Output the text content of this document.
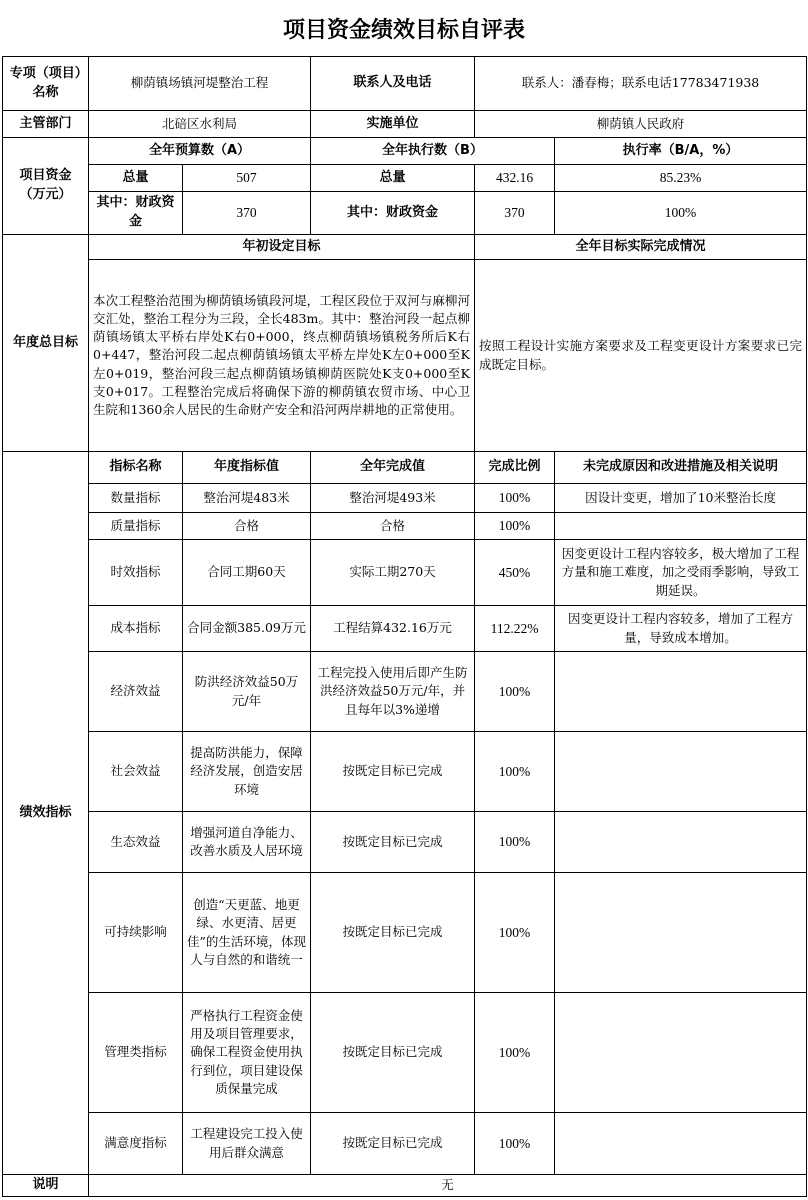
项目资金绩效目标自评表
专项（项目）名称	柳荫镇场镇河堤整治工程		联系人及电话	联系人：潘春梅；联系电话17783471938	
主管部门	北碚区水利局		实施单位	柳荫镇人民政府	
项目资金（万元）	全年预算数（A）		全年执行数（B）		执行率（B/A，%）
	总量	507	总量	432.16	85.23%
	其中：财政资金	370	其中：财政资金	370	100%
年度总目标	年初设定目标			全年目标实际完成情况	
	本次工程整治范围为柳荫镇场镇段河堤，工程区段位于双河与麻柳河交汇处，整治工程分为三段，全长483m。其中：整治河段一起点柳荫镇场镇太平桥右岸处K右0+000，终点柳荫镇场镇税务所后K右0+447，整治河段二起点柳荫镇场镇太平桥左岸处K左0+000至K左0+019，整治河段三起点柳荫镇场镇柳荫医院处K支0+000至K支0+017。工程整治完成后将确保下游的柳荫镇农贸市场、中心卫生院和1360余人居民的生命财产安全和沿河两岸耕地的正常使用。			按照工程设计实施方案要求及工程变更设计方案要求已完成既定目标。	
绩效指标	指标名称	年度指标值	全年完成值	完成比例	未完成原因和改进措施及相关说明
	数量指标	整治河堤483米	整治河堤493米	100%	因设计变更，增加了10米整治长度
	质量指标	合格	合格	100%	
	时效指标	合同工期60天	实际工期270天	450%	因变更设计工程内容较多，极大增加了工程方量和施工难度，加之受雨季影响，导致工期延误。
	成本指标	合同金额385.09万元	工程结算432.16万元	112.22%	因变更设计工程内容较多，增加了工程方量，导致成本增加。
	经济效益	防洪经济效益50万元/年	工程完投入使用后即产生防洪经济效益50万元/年，并且每年以3%递增	100%	
	社会效益	提高防洪能力，保障经济发展，创造安居环境	按既定目标已完成	100%	
	生态效益	增强河道自净能力、改善水质及人居环境	按既定目标已完成	100%	
	可持续影响	创造“天更蓝、地更绿、水更清、居更佳”的生活环境，体现人与自然的和谐统一	按既定目标已完成	100%	
	管理类指标	严格执行工程资金使用及项目管理要求，确保工程资金使用执行到位，项目建设保质保量完成	按既定目标已完成	100%	
	满意度指标	工程建设完工投入使用后群众满意	按既定目标已完成	100%	
说明	无				
